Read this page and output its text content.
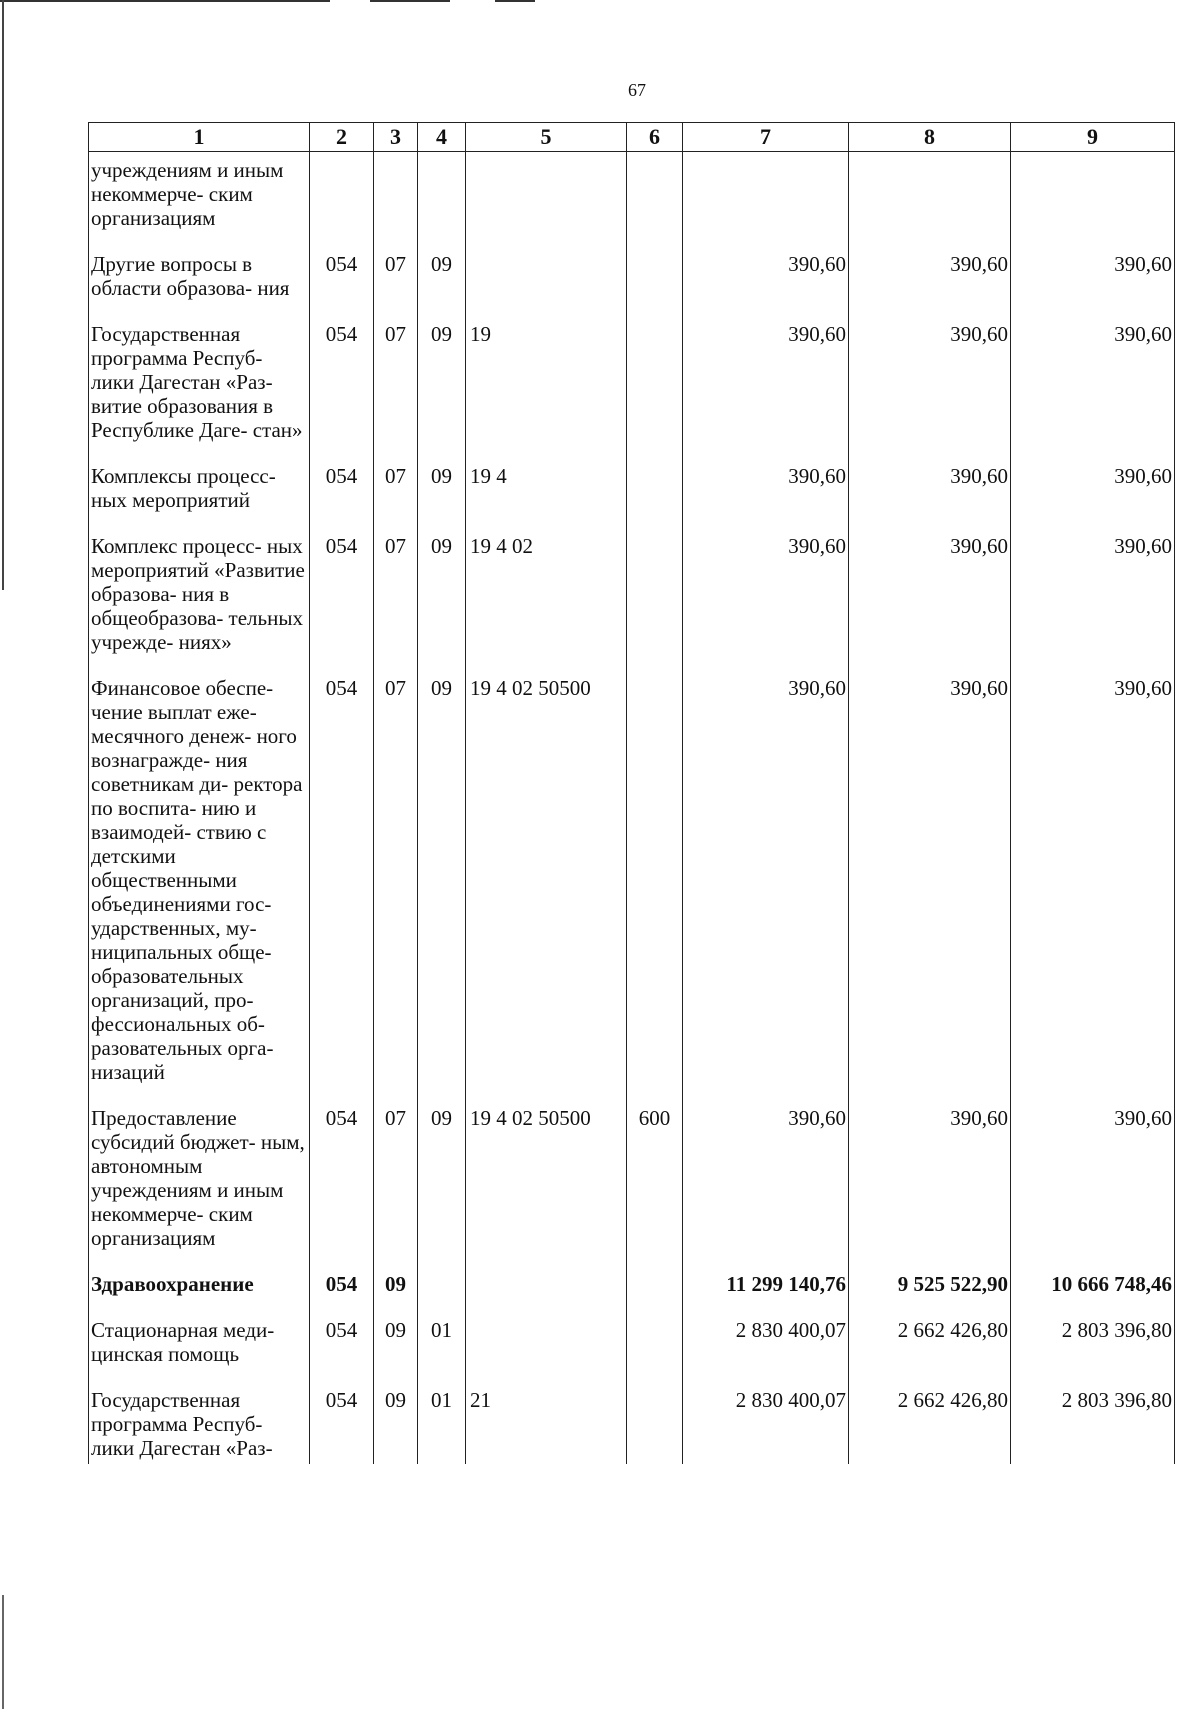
67
1	2	3	4	5	6	7	8	9
учреждениям и иным некоммерче- ским организациям								
Другие вопросы в области образова- ния	054	07	09			390,60	390,60	390,60
Государственная программа Респуб- лики Дагестан «Раз- витие образования в Республике Даге- стан»	054	07	09	19		390,60	390,60	390,60
Комплексы процесс- ных мероприятий	054	07	09	19 4		390,60	390,60	390,60
Комплекс процесс- ных мероприятий «Развитие образова- ния в общеобразова- тельных учрежде- ниях»	054	07	09	19 4 02		390,60	390,60	390,60
Финансовое обеспе- чение выплат еже- месячного денеж- ного вознагражде- ния советникам ди- ректора по воспита- нию и взаимодей- ствию с детскими общественными объединениями гос- ударственных, му- ниципальных обще- образовательных организаций, про- фессиональных об- разовательных орга- низаций	054	07	09	19 4 02 50500		390,60	390,60	390,60
Предоставление субсидий бюджет- ным, автономным учреждениям и иным некоммерче- ским организациям	054	07	09	19 4 02 50500	600	390,60	390,60	390,60
Здравоохранение	054	09				11 299 140,76	9 525 522,90	10 666 748,46
Стационарная меди- цинская помощь	054	09	01			2 830 400,07	2 662 426,80	2 803 396,80
Государственная программа Респуб- лики Дагестан «Раз-	054	09	01	21		2 830 400,07	2 662 426,80	2 803 396,80
